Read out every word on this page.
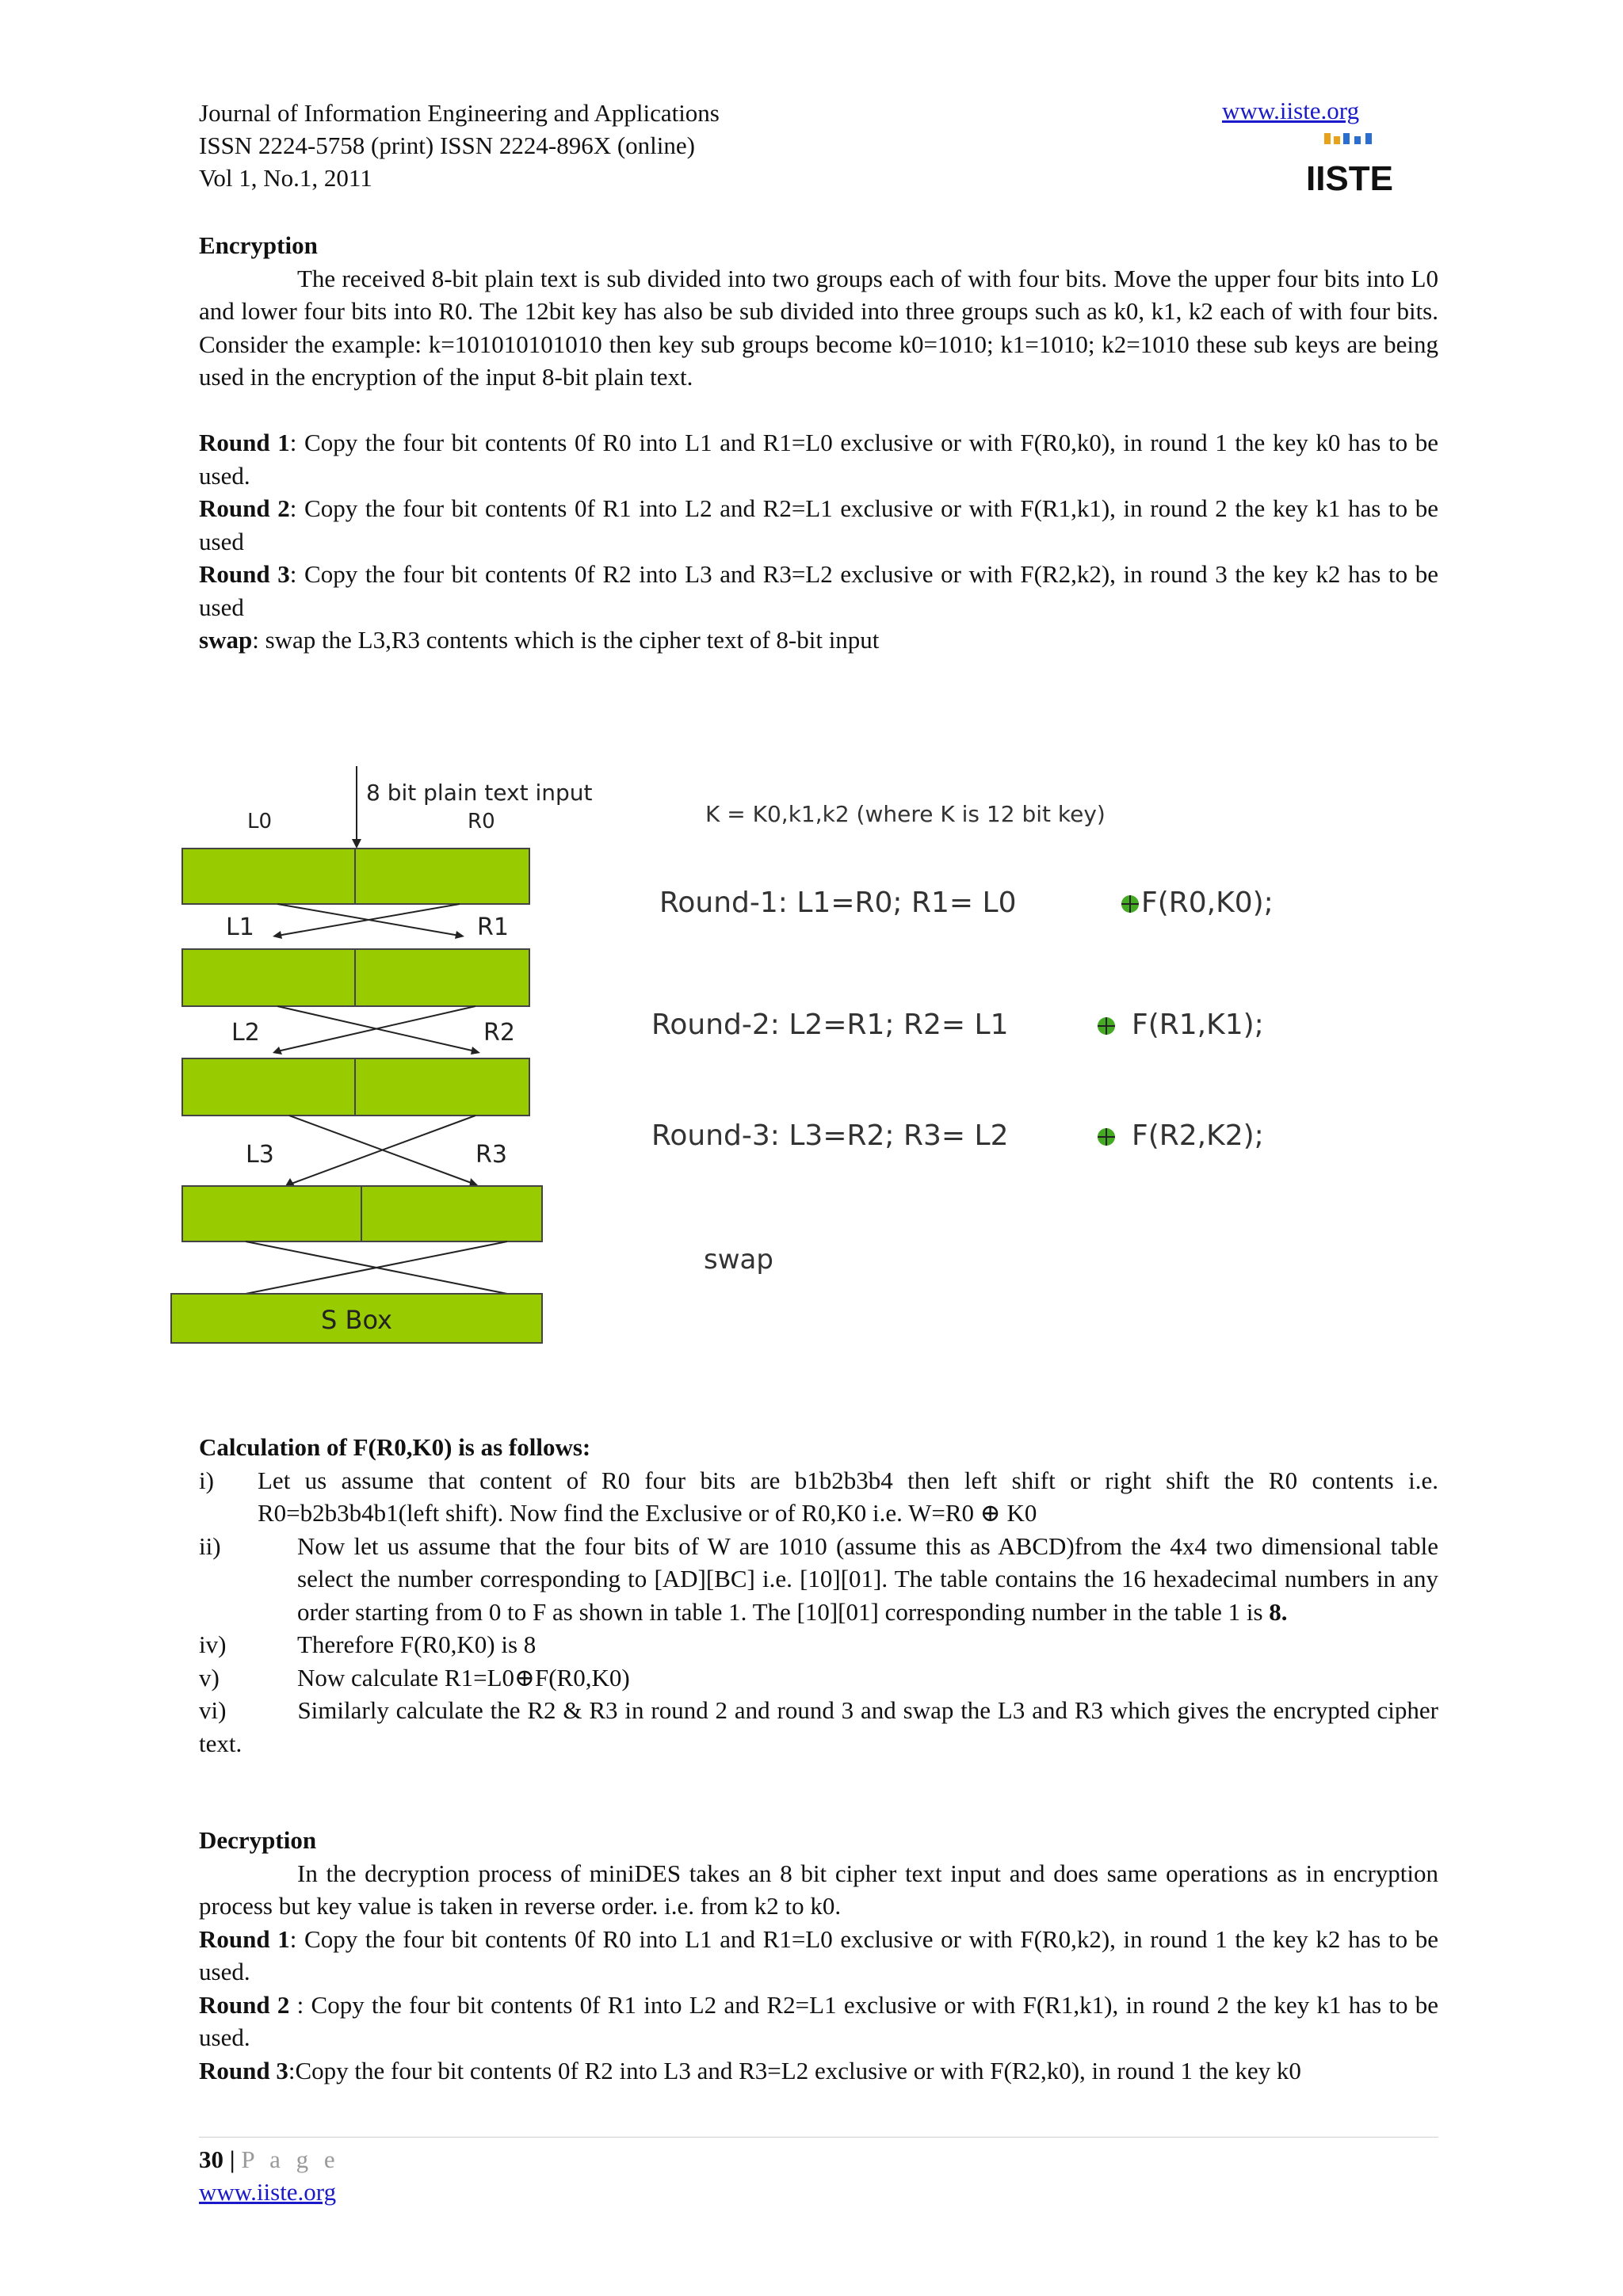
Journal of Information Engineering and Applications
ISSN 2224-5758 (print) ISSN 2224-896X (online)
Vol 1, No.1, 2011
www.iiste.org
IISTE

Encryption

The received 8-bit plain text is sub divided into two groups each of with four bits. Move the upper four bits into L0 and lower four bits into R0. The 12bit key has also be sub divided into three groups such as k0, k1, k2 each of with four bits. Consider the example: k=101010101010 then key sub groups become k0=1010; k1=1010; k2=1010 these sub keys are being used in the encryption of the input 8-bit plain text.

Round 1: Copy the four bit contents 0f R0 into L1 and R1=L0 exclusive or with F(R0,k0), in round 1 the key k0 has to be used.

Round 2: Copy the four bit contents 0f R1 into L2 and R2=L1 exclusive or with F(R1,k1), in round 2 the key k1 has to be used

Round 3: Copy the four bit contents 0f R2 into L3 and R3=L2 exclusive or with F(R2,k2), in round 3 the key k2 has to be used

swap: swap the L3,R3 contents which is the cipher text of 8-bit input

8 bit plain text input
L0	R0
L1	R1
L2	R2
L3	R3
S Box
K = K0,k1,k2 (where K is 12 bit key)
Round-1: L1=R0; R1= L0	F(R0,K0);
Round-2: L2=R1; R2= L1	F(R1,K1);
Round-3: L3=R2; R3= L2	F(R2,K2);
swap
Calculation of F(R0,K0) is as follows:
i) Let us assume that content of R0 four bits are b1b2b3b4 then left shift or right shift the R0 contents i.e. R0=b2b3b4b1(left shift). Now find the Exclusive or of R0,K0 i.e. W=R0 ⊕ K0
ii)	Now let us assume that the four bits of W are 1010 (assume this as ABCD)from the 4x4 two dimensional table select the number corresponding to [AD][BC] i.e. [10][01]. The table contains the 16 hexadecimal numbers in any order starting from 0 to F as shown in table 1. The [10][01] corresponding number in the table 1 is 8.
iv)	Therefore F(R0,K0) is 8
v)	Now calculate R1=L0⊕F(R0,K0)
vi)	Similarly calculate the R2 & R3 in round 2 and round 3 and swap the L3 and R3 which gives the encrypted cipher text.

Decryption

In the decryption process of miniDES takes an 8 bit cipher text input and does same operations as in encryption process but key value is taken in reverse order. i.e. from k2 to k0.

Round 1: Copy the four bit contents 0f R0 into L1 and R1=L0 exclusive or with F(R0,k2), in round 1 the key k2 has to be used.

Round 2 : Copy the four bit contents 0f R1 into L2 and R2=L1 exclusive or with F(R1,k1), in round 2 the key k1 has to be used.

Round 3:Copy the four bit contents 0f R2 into L3 and R3=L2 exclusive or with F(R2,k0), in round 1 the key k0

30 | P a g e
www.iiste.org
